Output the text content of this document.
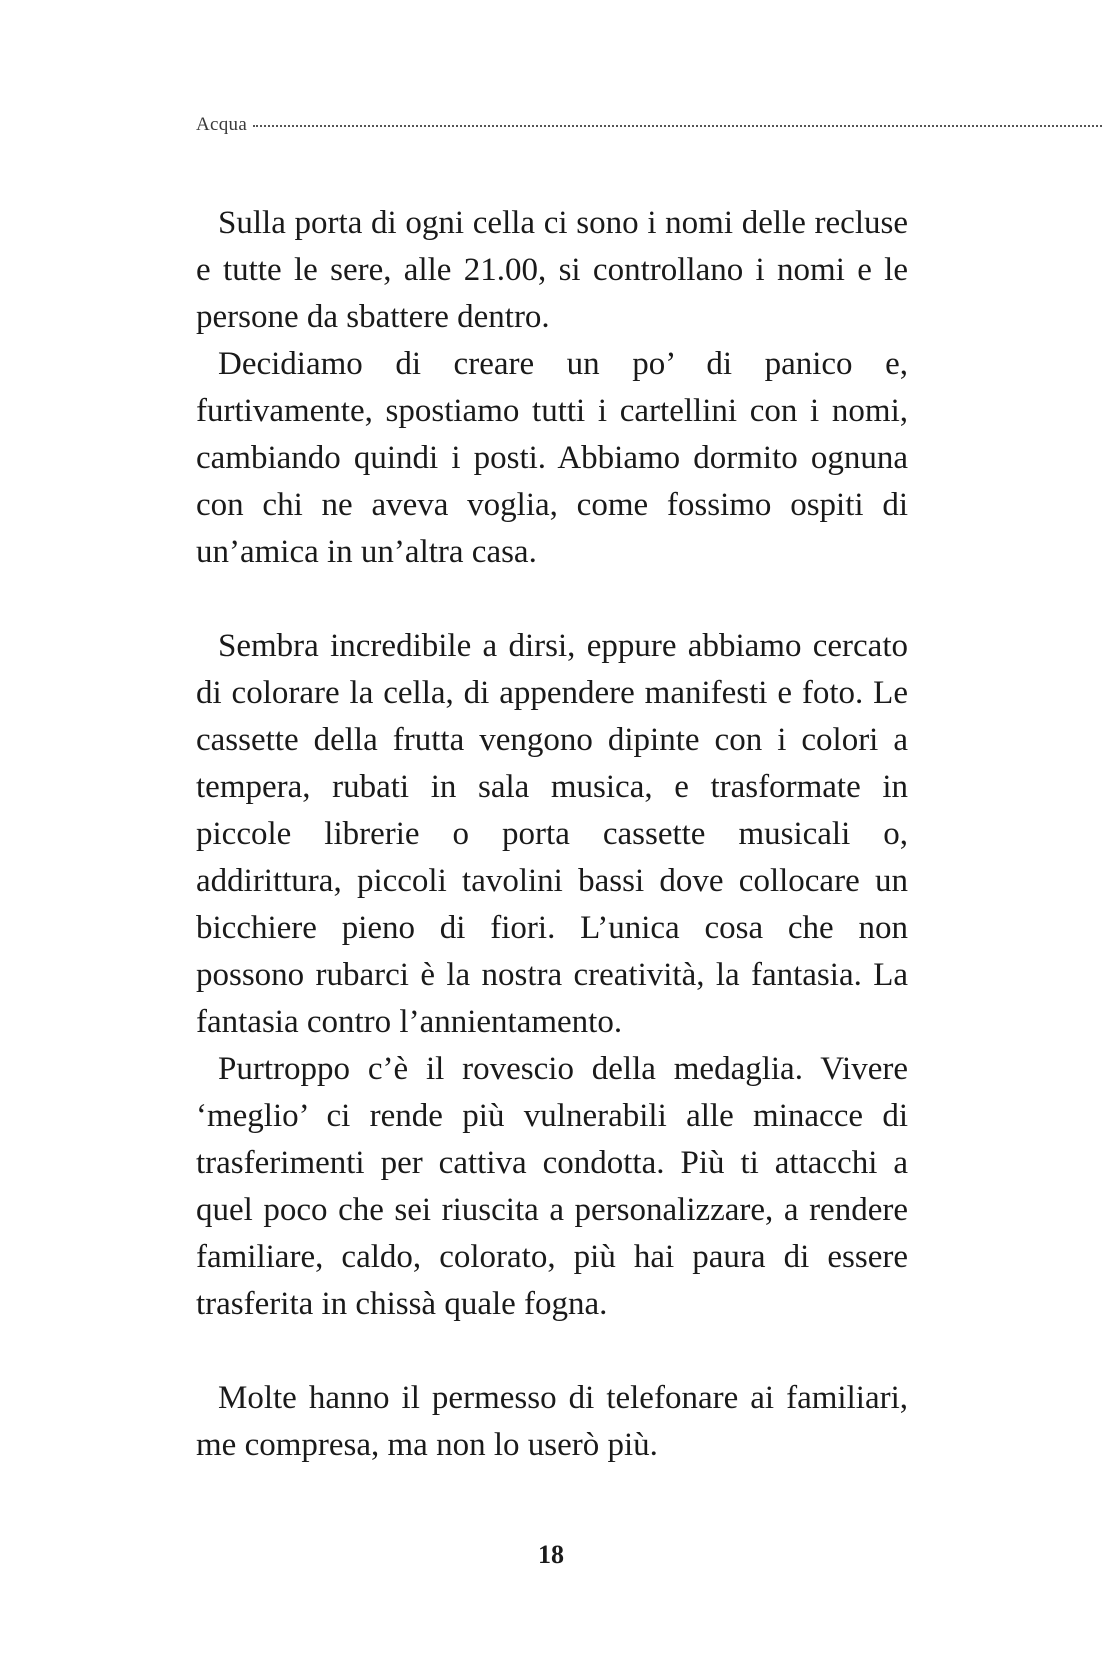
Acqua

Sulla porta di ogni cella ci sono i nomi delle recluse e tutte le sere, alle 21.00, si controllano i nomi e le persone da sbattere dentro.

Decidiamo di creare un po’ di panico e, furtivamente, spostiamo tutti i cartellini con i nomi, cambiando quindi i posti. Abbiamo dormito ognuna con chi ne aveva voglia, come fossimo ospiti di un’amica in un’altra casa.

Sembra incredibile a dirsi, eppure abbiamo cercato di colorare la cella, di appendere manifesti e foto. Le cassette della frutta vengono dipinte con i colori a tempera, rubati in sala musica, e trasformate in piccole librerie o porta cassette musicali o, addirittura, piccoli tavolini bassi dove collocare un bicchiere pieno di fiori. L’unica cosa che non possono rubarci è la nostra creatività, la fantasia. La fantasia contro l’annientamento.

Purtroppo c’è il rovescio della medaglia. Vivere ‘meglio’ ci rende più vulnerabili alle minacce di trasferimenti per cattiva condotta. Più ti attacchi a quel poco che sei riuscita a personalizzare, a rendere familiare, caldo, colorato, più hai paura di essere trasferita in chissà quale fogna.

Molte hanno il permesso di telefonare ai familiari, me compresa, ma non lo userò più.

18
